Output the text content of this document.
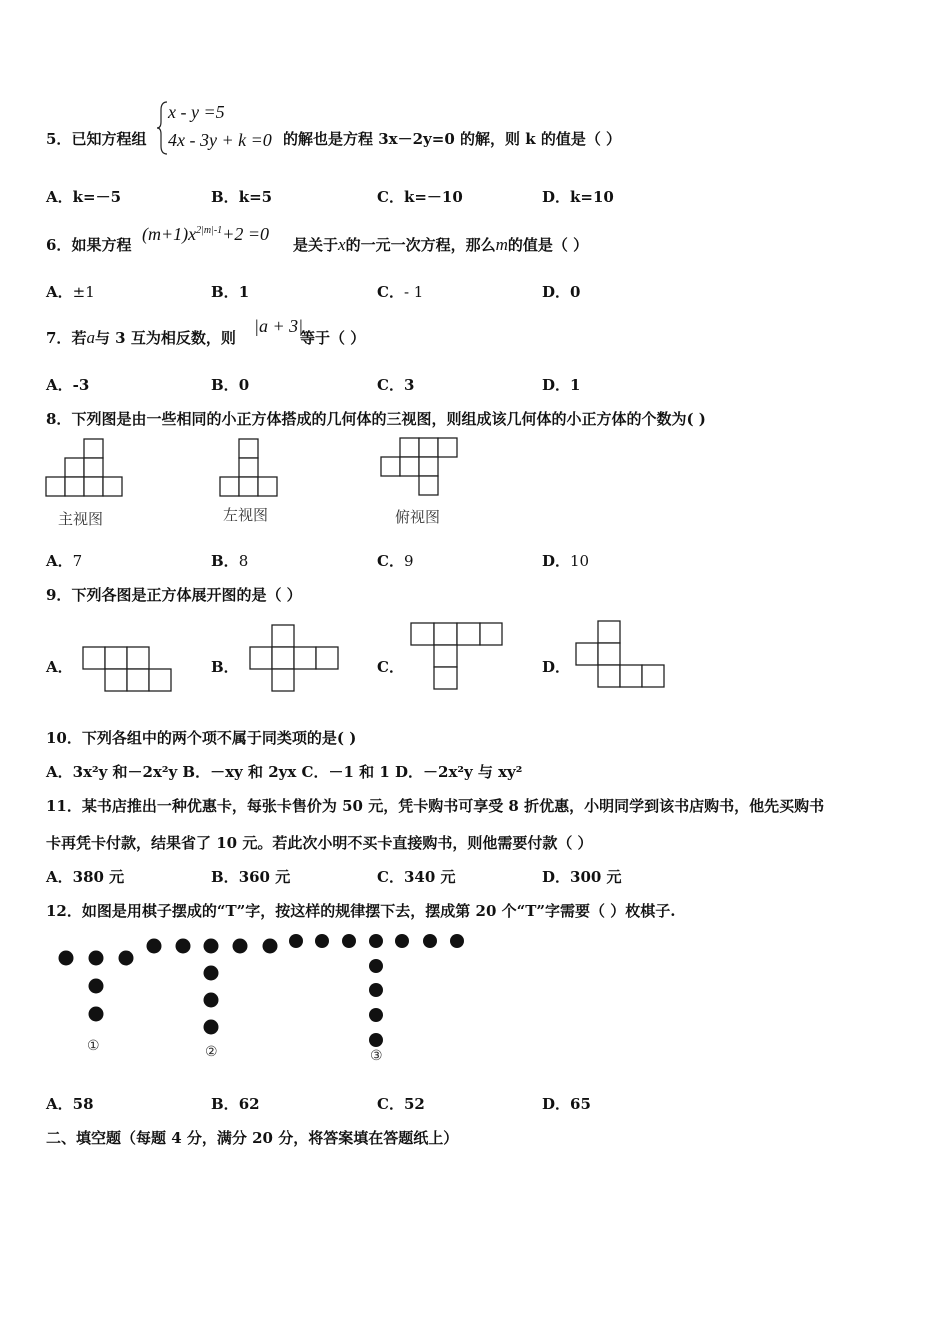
5．已知方程组
x - y =5
4x - 3y + k =0 的解也是方程 3x－2y=0 的解，则 k 的值是（ ）
A．k=－5	B．k=5	C．k=－10	D．k=10
6．如果方程
$(m+1)x^{2|m|-1}+2 =0$
是关于x的一元一次方程，那么m的值是（ ）
A．±1	B．1	C．- 1	D．0
7．若a与 3 互为相反数，则
|a + 3|
等于（ ）
A．-3	B．0	C．3	D．1
8．下列图是由一些相同的小正方体搭成的几何体的三视图，则组成该几何体的小正方体的个数为( )
主视图	左视图	俯视图
A．7	B．8	C．9	D．10
9．下列各图是正方体展开图的是（ ）
A．	B．	C．	D．
10．下列各组中的两个项不属于同类项的是( )
A．3x²y 和－2x²y B．－xy 和 2yx C．－1 和 1 D．－2x²y 与 xy²
11．某书店推出一种优惠卡，每张卡售价为 50 元，凭卡购书可享受 8 折优惠，小明同学到该书店购书，他先买购书
卡再凭卡付款，结果省了 10 元。若此次小明不买卡直接购书，则他需要付款（ ）
A．380 元	B．360 元	C．340 元	D．300 元
12．如图是用棋子摆成的“T”字，按这样的规律摆下去，摆成第 20 个“T”字需要（ ）枚棋子.
①	②	③
A．58	B．62	C．52	D．65
二、填空题（每题 4 分，满分 20 分，将答案填在答题纸上）
